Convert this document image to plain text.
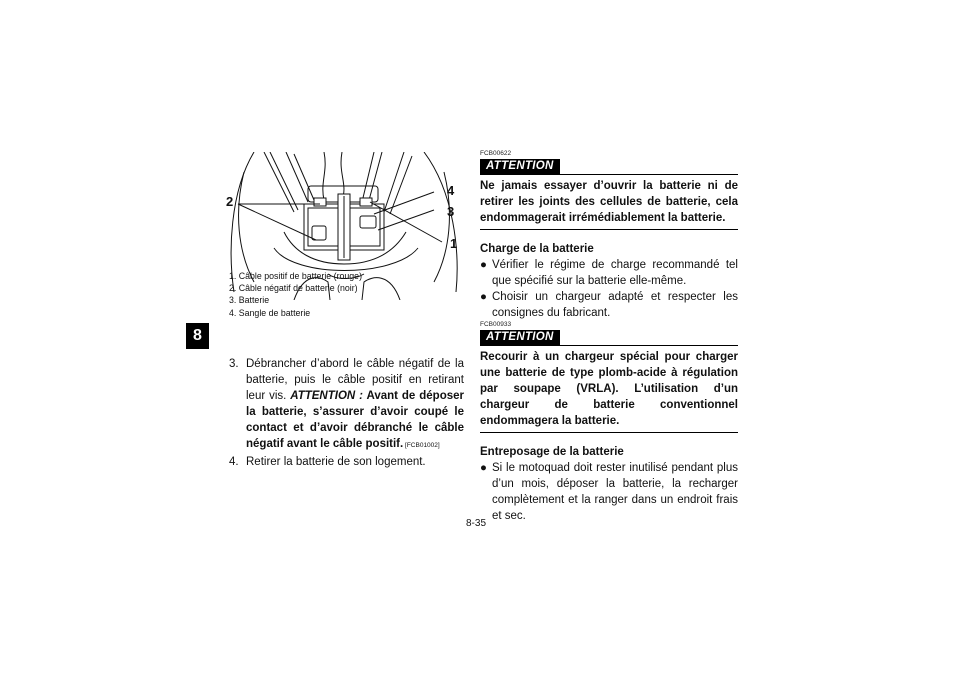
8
2
4
3
1
1. Câble positif de batterie (rouge)
2. Câble négatif de batterie (noir)
3. Batterie
4. Sangle de batterie
3. Débrancher d’abord le câble négatif de la batterie, puis le câble positif en retirant leur vis. ATTENTION : Avant de déposer la batterie, s’assurer d’avoir coupé le contact et d’avoir débranché le câble négatif avant le câble positif. [FCB01002]
4. Retirer la batterie de son logement.
FCB00622
ATTENTION
Ne jamais essayer d’ouvrir la batterie ni de retirer les joints des cellules de batterie, cela endommagerait irrémédiablement la batterie.
Charge de la batterie
● Vérifier le régime de charge recommandé tel que spécifié sur la batterie elle-même.
● Choisir un chargeur adapté et respecter les consignes du fabricant.
FCB00933
ATTENTION
Recourir à un chargeur spécial pour charger une batterie de type plomb-acide à régulation par soupape (VRLA). L’utilisation d’un chargeur de batterie conventionnel endommagera la batterie.
Entreposage de la batterie
● Si le motoquad doit rester inutilisé pendant plus d’un mois, déposer la batterie, la recharger complètement et la ranger dans un endroit frais et sec.
8-35
